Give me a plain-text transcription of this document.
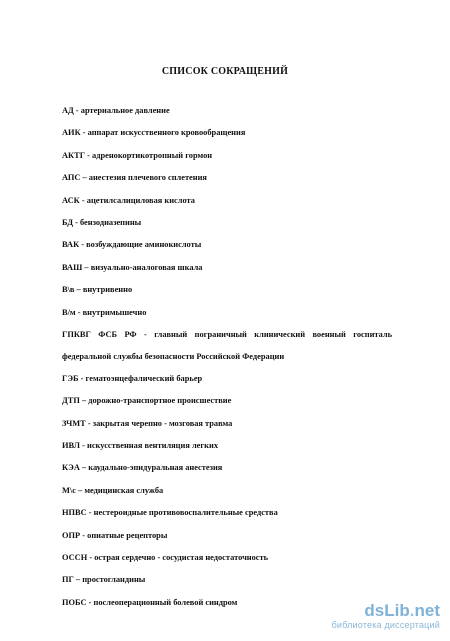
СПИСОК СОКРАЩЕНИЙ
АД - артериальное давление
АИК - аппарат искусственного кровообращения
АКТГ - адренокортикотропный гормон
АПС – анестезия плечевого сплетения
АСК - ацетилсалициловая кислота
БД - бензодиазепины
ВАК - возбуждающие аминокислоты
ВАШ – визуально-аналоговая шкала
В\в – внутривенно
В/м - внутримышечно
ГПКВГ ФСБ РФ - главный пограничный клинический военный госпиталь
федеральной службы безопасности Российской Федерации
ГЭБ - гематоэнцефалический барьер
ДТП – дорожно-транспортное происшествие
ЗЧМТ - закрытая черепно - мозговая травма
ИВЛ - искусственная вентиляция легких
КЭА – каудально-эпидуральная анестезия
М\с – медицинская служба
НПВС - нестероидные противовоспалительные средства
ОПР - опиатные рецепторы
ОССН - острая сердечно - сосудистая недостаточность
ПГ – простогландины
ПОБС - послеоперационный болевой синдром	dsLib.net
библиотека диссертаций
